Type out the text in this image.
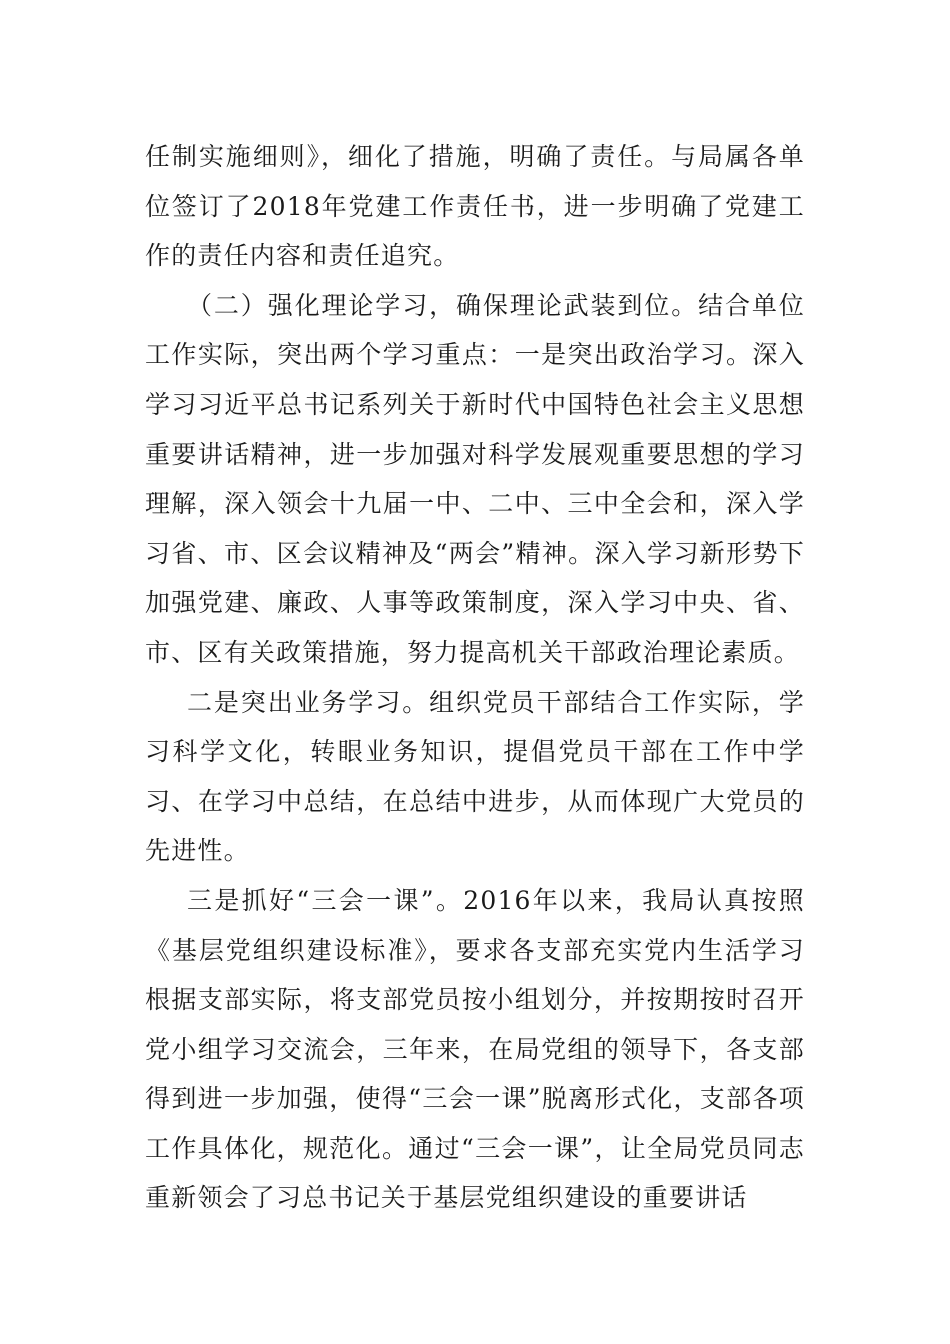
任制实施细则》，细化了措施，明确了责任。与局属各单位签订了2018年党建工作责任书，进一步明确了党建工作的责任内容和责任追究。

（二）强化理论学习，确保理论武装到位。结合单位工作实际，突出两个学习重点：一是突出政治学习。深入学习习近平总书记系列关于新时代中国特色社会主义思想重要讲话精神，进一步加强对科学发展观重要思想的学习理解，深入领会十九届一中、二中、三中全会和，深入学习省、市、区会议精神及“两会”精神。深入学习新形势下加强党建、廉政、人事等政策制度，深入学习中央、省、市、区有关政策措施，努力提高机关干部政治理论素质。

二是突出业务学习。组织党员干部结合工作实际，学习科学文化，转眼业务知识，提倡党员干部在工作中学习、在学习中总结，在总结中进步，从而体现广大党员的先进性。

三是抓好“三会一课”。2016年以来，我局认真按照《基层党组织建设标准》，要求各支部充实党内生活学习根据支部实际，将支部党员按小组划分，并按期按时召开党小组学习交流会，三年来，在局党组的领导下，各支部得到进一步加强，使得“三会一课”脱离形式化，支部各项工作具体化，规范化。通过“三会一课”，让全局党员同志重新领会了习总书记关于基层党组织建设的重要讲话
